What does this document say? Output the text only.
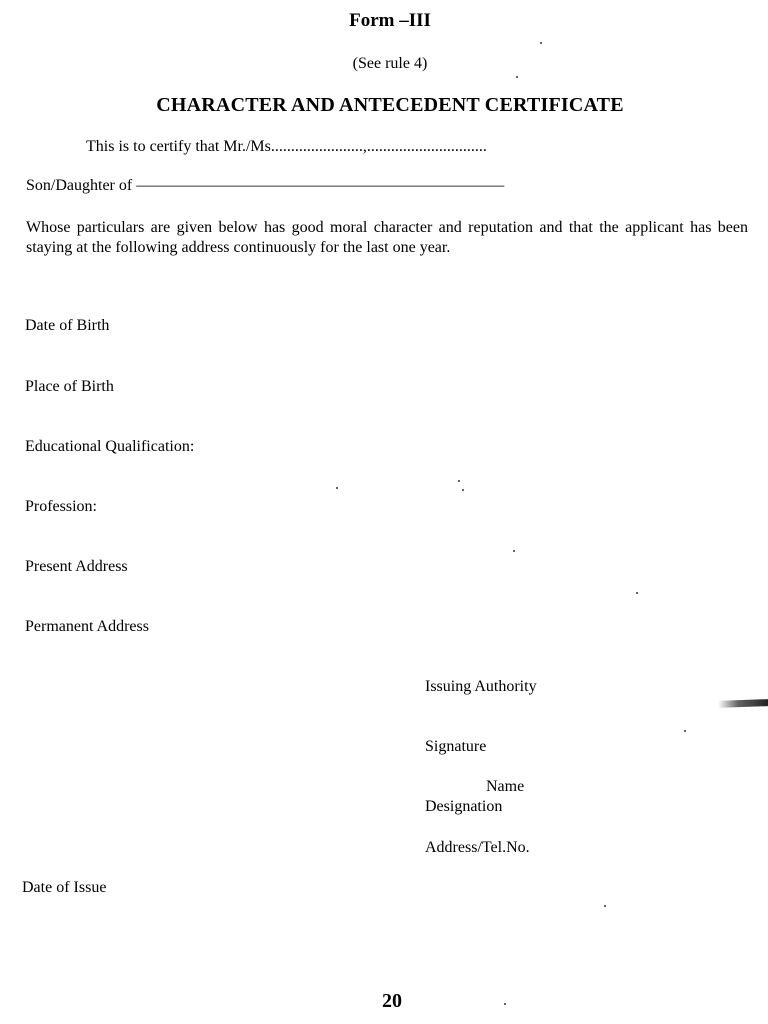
Form –III
(See rule 4)
CHARACTER AND ANTECEDENT CERTIFICATE
This is to certify that Mr./Ms.......................,..............................
Son/Daughter of ––––––––––––––––––––––––––––––––––––––––––––––
Whose particulars are given below has good moral character and reputation and that the applicant has been staying at the following address continuously for the last one year.
Date of Birth
Place of Birth
Educational Qualification:
Profession:
Present Address
Permanent Address
Issuing Authority
Signature
Name
Designation
Address/Tel.No.
Date of Issue
20
